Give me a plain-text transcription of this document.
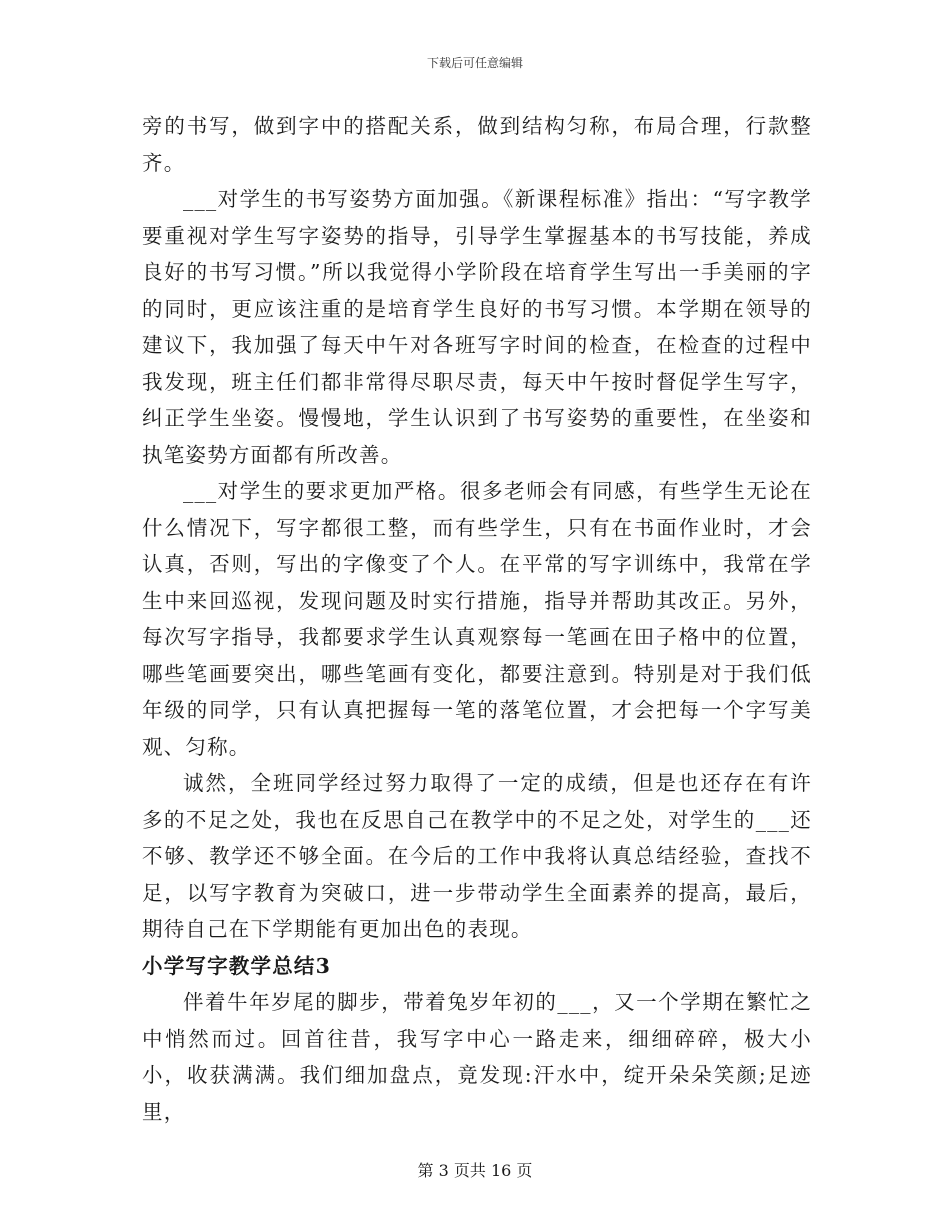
下载后可任意编辑

旁的书写，做到字中的搭配关系，做到结构匀称，布局合理，行款整齐。

___对学生的书写姿势方面加强。《新课程标准》指出：“写字教学要重视对学生写字姿势的指导，引导学生掌握基本的书写技能，养成良好的书写习惯。”所以我觉得小学阶段在培育学生写出一手美丽的字的同时，更应该注重的是培育学生良好的书写习惯。本学期在领导的建议下，我加强了每天中午对各班写字时间的检查，在检查的过程中我发现，班主任们都非常得尽职尽责，每天中午按时督促学生写字，纠正学生坐姿。慢慢地，学生认识到了书写姿势的重要性，在坐姿和执笔姿势方面都有所改善。

___对学生的要求更加严格。很多老师会有同感，有些学生无论在什么情况下，写字都很工整，而有些学生，只有在书面作业时，才会认真，否则，写出的字像变了个人。在平常的写字训练中，我常在学生中来回巡视，发现问题及时实行措施，指导并帮助其改正。另外，每次写字指导，我都要求学生认真观察每一笔画在田子格中的位置，哪些笔画要突出，哪些笔画有变化，都要注意到。特别是对于我们低年级的同学，只有认真把握每一笔的落笔位置，才会把每一个字写美观、匀称。

诚然，全班同学经过努力取得了一定的成绩，但是也还存在有许多的不足之处，我也在反思自己在教学中的不足之处，对学生的___还不够、教学还不够全面。在今后的工作中我将认真总结经验，查找不足，以写字教育为突破口，进一步带动学生全面素养的提高，最后，期待自己在下学期能有更加出色的表现。

小学写字教学总结3

伴着牛年岁尾的脚步，带着兔岁年初的___，又一个学期在繁忙之中悄然而过。回首往昔，我写字中心一路走来，细细碎碎，极大小小，收获满满。我们细加盘点，竟发现:汗水中，绽开朵朵笑颜;足迹里，

第 3 页共 16 页
